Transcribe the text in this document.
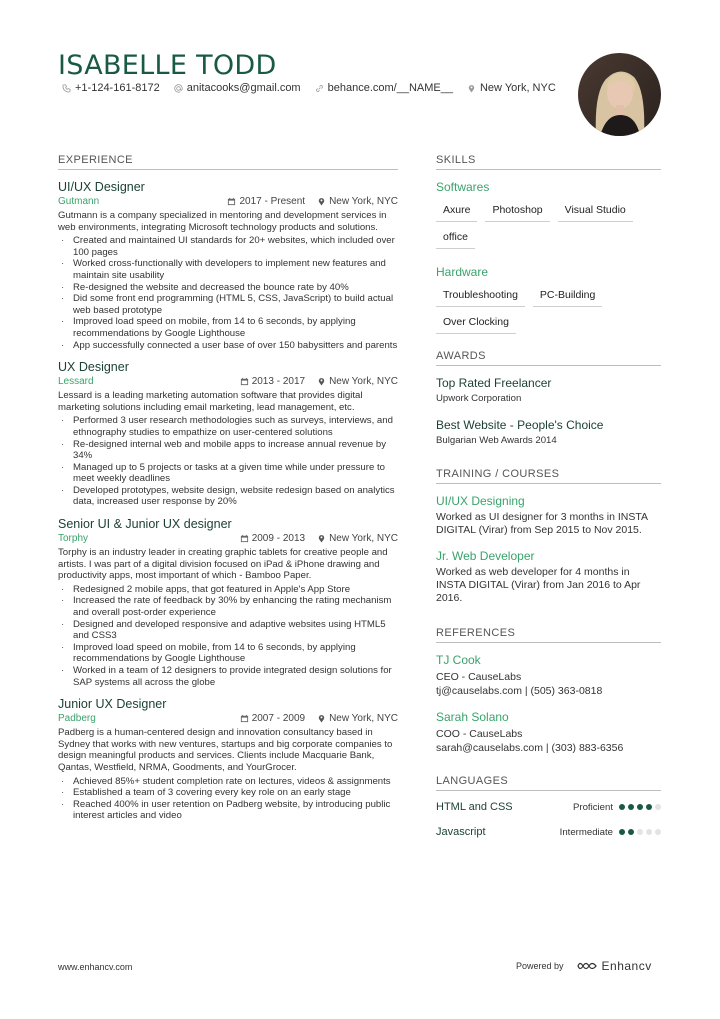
ISABELLE TODD
+1-124-161-8172 anitacooks@gmail.com behance.com/__NAME__ New York, NYC
EXPERIENCE
UI/UX Designer
Gutmann	2017 - Present New York, NYC
Gutmann is a company specialized in mentoring and development services in web environments, integrating Microsoft technology products and solutions.
· Created and maintained UI standards for 20+ websites, which included over 100 pages
· Worked cross-functionally with developers to implement new features and maintain site usability
· Re-designed the website and decreased the bounce rate by 40%
· Did some front end programming (HTML 5, CSS, JavaScript) to build actual web based prototype
· Improved load speed on mobile, from 14 to 6 seconds, by applying recommendations by Google Lighthouse
· App successfully connected a user base of over 150 babysitters and parents
UX Designer
Lessard	2013 - 2017 New York, NYC
Lessard is a leading marketing automation software that provides digital marketing solutions including email marketing, lead management, etc.
· Performed 3 user research methodologies such as surveys, interviews, and ethnography studies to empathize on user-centered solutions
· Re-designed internal web and mobile apps to increase annual revenue by 34%
· Managed up to 5 projects or tasks at a given time while under pressure to meet weekly deadlines
· Developed prototypes, website design, website redesign based on analytics data, increased user response by 20%
Senior UI & Junior UX designer
Torphy	2009 - 2013 New York, NYC
Torphy is an industry leader in creating graphic tablets for creative people and artists. I was part of a digital division focused on iPad & iPhone drawing and productivity apps, most important of which - Bamboo Paper.
· Redesigned 2 mobile apps, that got featured in Apple's App Store
· Increased the rate of feedback by 30% by enhancing the rating mechanism and overall post-order experience
· Designed and developed responsive and adaptive websites using HTML5 and CSS3
· Improved load speed on mobile, from 14 to 6 seconds, by applying recommendations by Google Lighthouse
· Worked in a team of 12 designers to provide integrated design solutions for SAP systems all across the globe
Junior UX Designer
Padberg	2007 - 2009 New York, NYC
Padberg is a human-centered design and innovation consultancy based in Sydney that works with new ventures, startups and big corporate companies to design meaningful products and services. Clients include Macquarie Bank, Qantas, Westfield, NRMA, Goodments, and YourGrocer.
· Achieved 85%+ student completion rate on lectures, videos & assignments
· Established a team of 3 covering every key role on an early stage
· Reached 400% in user retention on Padberg website, by introducing public interest articles and video
SKILLS
Softwares
Axure	Photoshop	Visual Studio
office
Hardware
Troubleshooting	PC-Building
Over Clocking
AWARDS
Top Rated Freelancer
Upwork Corporation
Best Website - People's Choice
Bulgarian Web Awards 2014
TRAINING / COURSES
UI/UX Designing
Worked as UI designer for 3 months in INSTA DIGITAL (Virar) from Sep 2015 to Nov 2015.
Jr. Web Developer
Worked as web developer for 4 months in INSTA DIGITAL (Virar) from Jan 2016 to Apr 2016.
REFERENCES
TJ Cook
CEO - CauseLabs
tj@causelabs.com | (505) 363-0818
Sarah Solano
COO - CauseLabs
sarah@causelabs.com | (303) 883-6356
LANGUAGES
HTML and CSS	Proficient
Javascript	Intermediate
www.enhancv.com	Powered by	Enhancv
